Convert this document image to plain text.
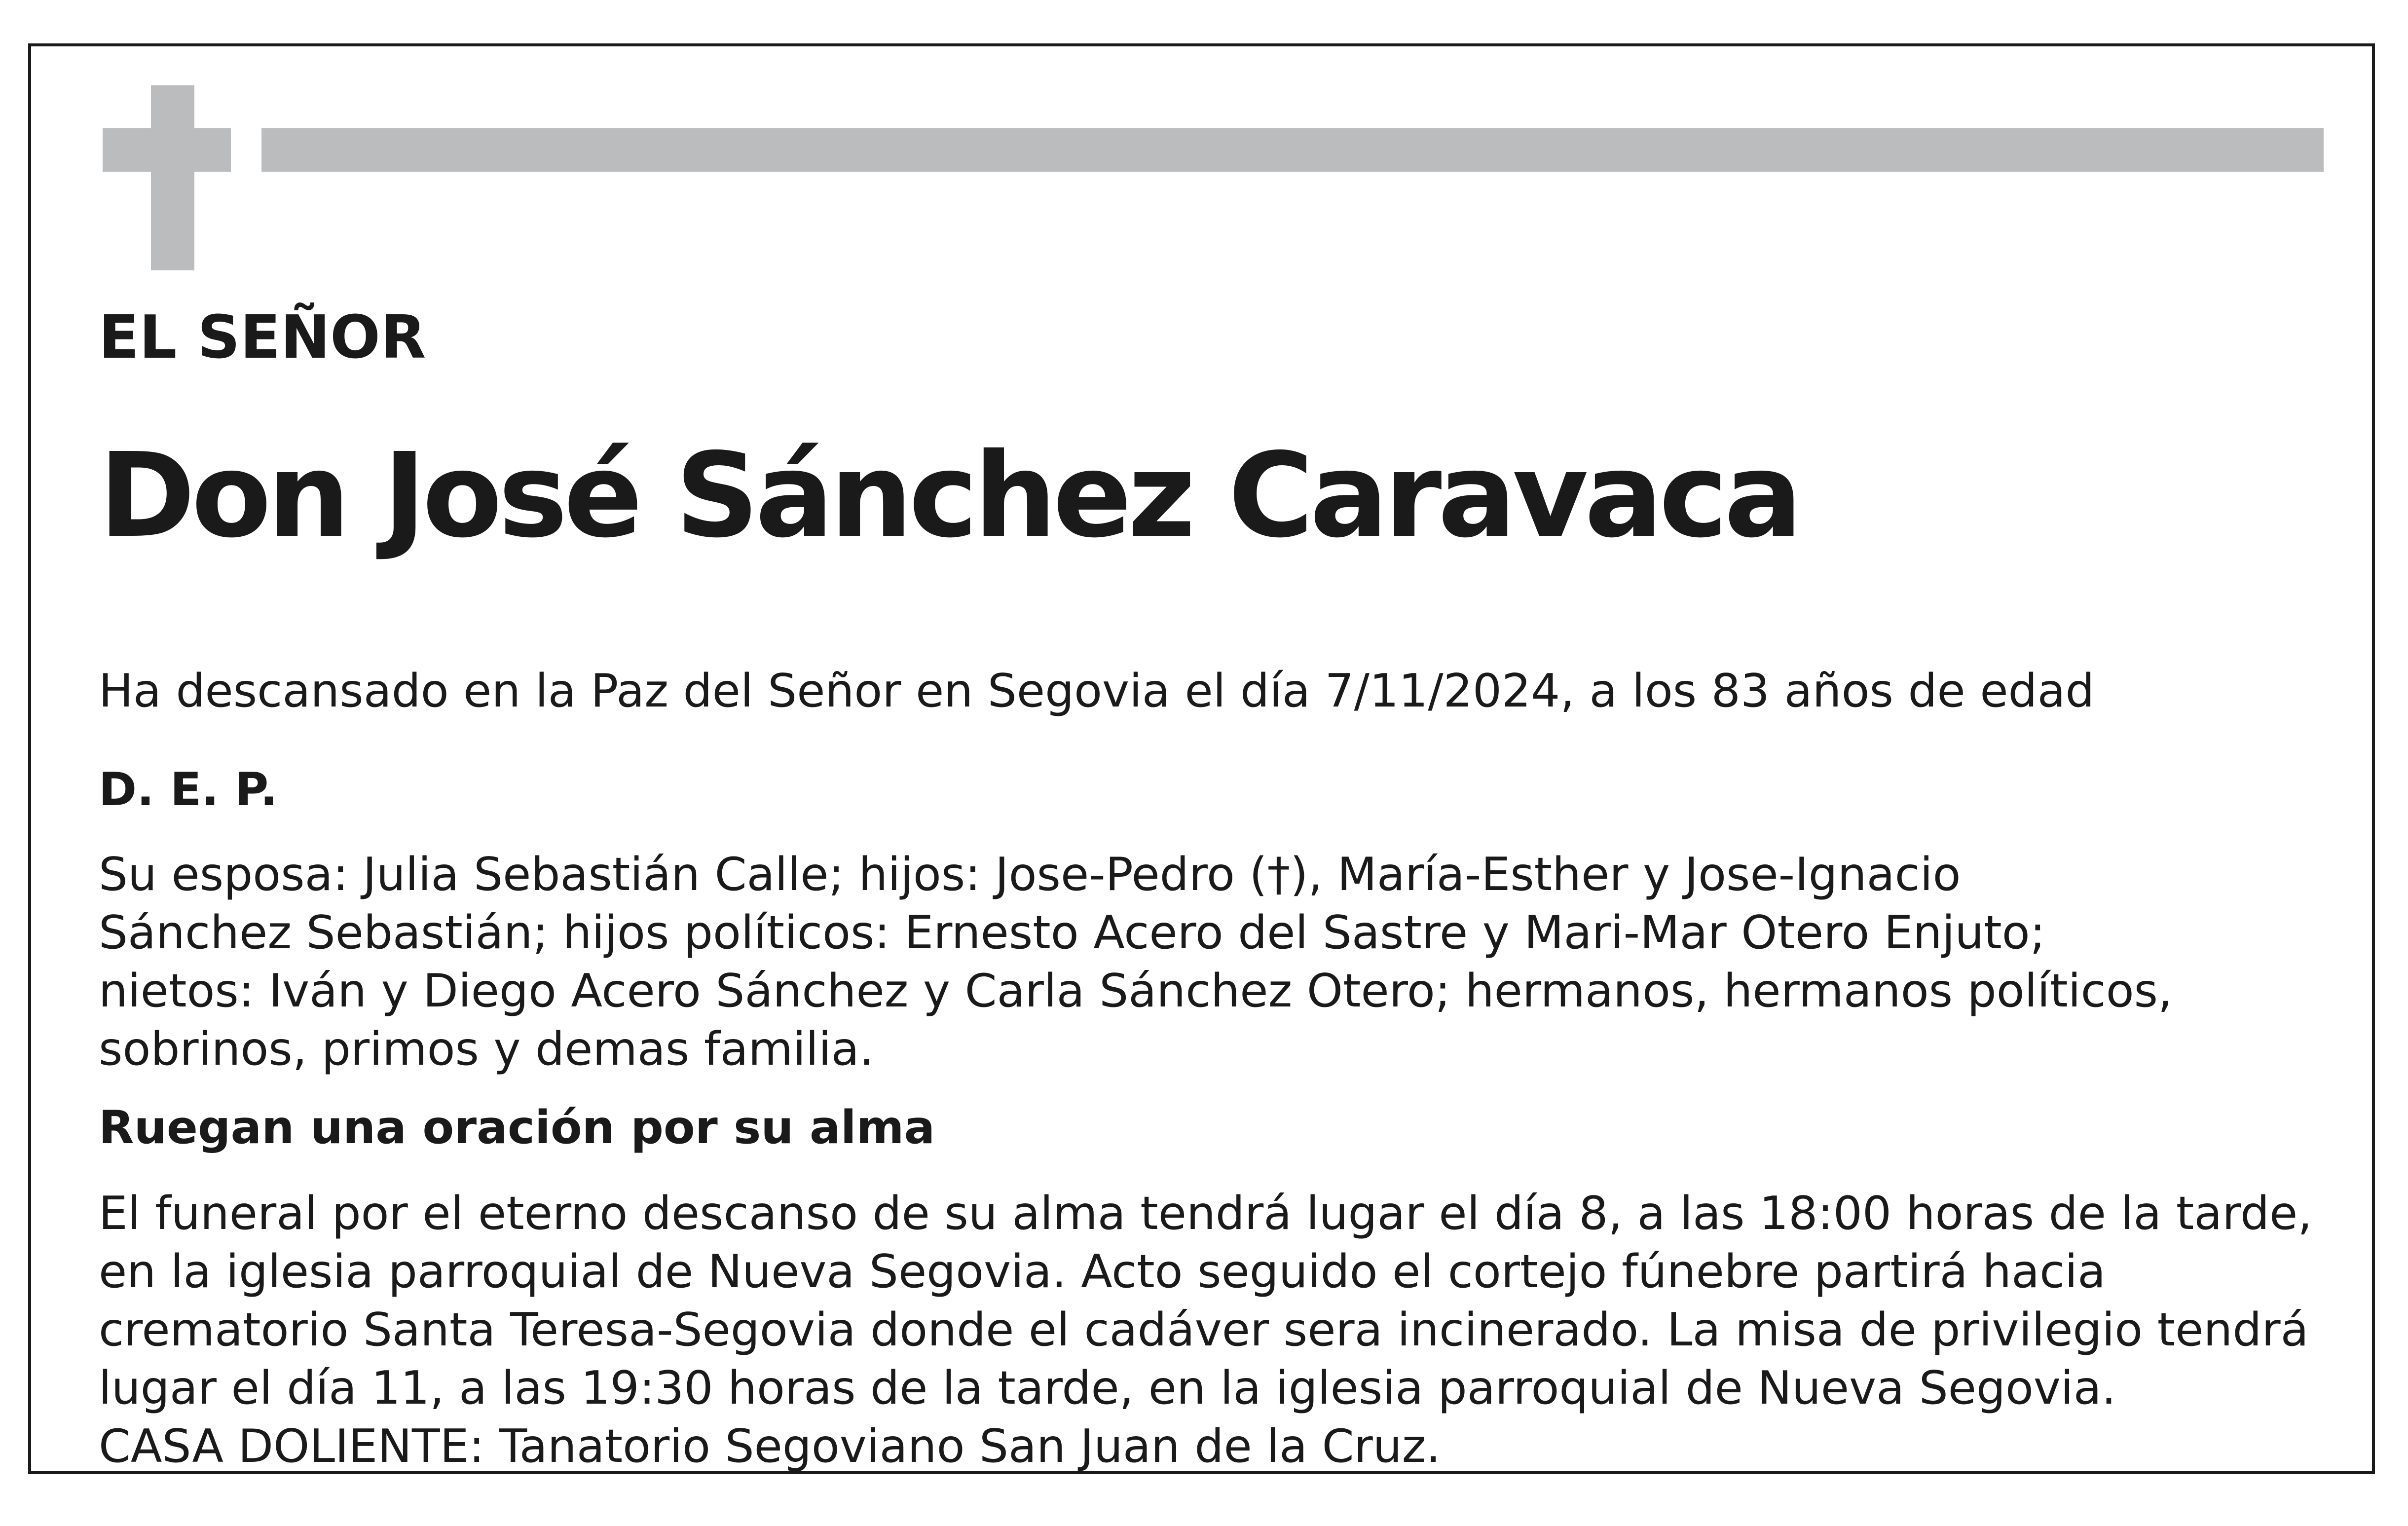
EL SEÑOR
Don José Sánchez Caravaca
Ha descansado en la Paz del Señor en Segovia el día 7/11/2024, a los 83 años de edad
D. E. P.
Su esposa: Julia Sebastián Calle; hijos: Jose-Pedro (†), María-Esther y Jose-Ignacio
Sánchez Sebastián; hijos políticos: Ernesto Acero del Sastre y Mari-Mar Otero Enjuto;
nietos: Iván y Diego Acero Sánchez y Carla Sánchez Otero; hermanos, hermanos políticos,
sobrinos, primos y demas familia.
Ruegan una oración por su alma
El funeral por el eterno descanso de su alma tendrá lugar el día 8, a las 18:00 horas de la tarde,
en la iglesia parroquial de Nueva Segovia. Acto seguido el cortejo fúnebre partirá hacia
crematorio Santa Teresa-Segovia donde el cadáver sera incinerado. La misa de privilegio tendrá
lugar el día 11, a las 19:30 horas de la tarde, en la iglesia parroquial de Nueva Segovia.
CASA DOLIENTE: Tanatorio Segoviano San Juan de la Cruz.
